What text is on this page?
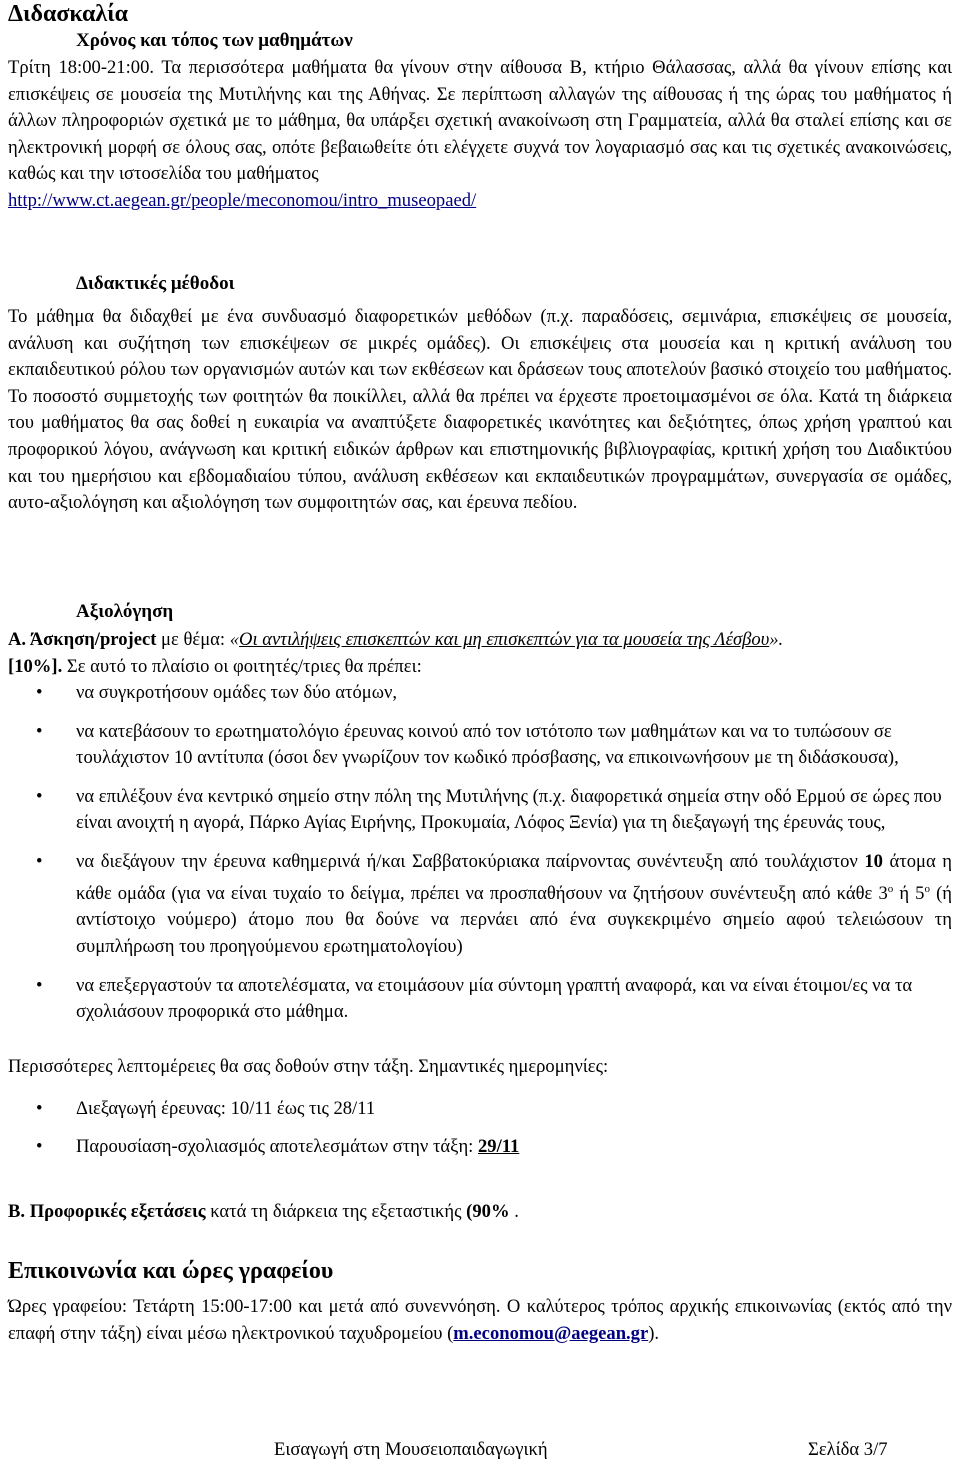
Διδασκαλία
Χρόνος και τόπος των μαθημάτων

Τρίτη 18:00-21:00. Τα περισσότερα μαθήματα θα γίνουν στην αίθουσα Β, κτήριο Θάλασσας, αλλά θα γίνουν επίσης και επισκέψεις σε μουσεία της Μυτιλήνης και της Αθήνας. Σε περίπτωση αλλαγών της αίθουσας ή της ώρας του μαθήματος ή άλλων πληροφοριών σχετικά με το μάθημα, θα υπάρξει σχετική ανακοίνωση στη Γραμματεία, αλλά θα σταλεί επίσης και σε ηλεκτρονική μορφή σε όλους σας, οπότε βεβαιωθείτε ότι ελέγχετε συχνά τον λογαριασμό σας και τις σχετικές ανακοινώσεις, καθώς και την ιστοσελίδα του μαθήματος
http://www.ct.aegean.gr/people/meconomou/intro_museopaed/

Διδακτικές μέθοδοι

Το μάθημα θα διδαχθεί με ένα συνδυασμό διαφορετικών μεθόδων (π.χ. παραδόσεις, σεμινάρια, επισκέψεις σε μουσεία, ανάλυση και συζήτηση των επισκέψεων σε μικρές ομάδες). Οι επισκέψεις στα μουσεία και η κριτική ανάλυση του εκπαιδευτικού ρόλου των οργανισμών αυτών και των εκθέσεων και δράσεων τους αποτελούν βασικό στοιχείο του μαθήματος. Το ποσοστό συμμετοχής των φοιτητών θα ποικίλλει, αλλά θα πρέπει να έρχεστε προετοιμασμένοι σε όλα. Κατά τη διάρκεια του μαθήματος θα σας δοθεί η ευκαιρία να αναπτύξετε διαφορετικές ικανότητες και δεξιότητες, όπως χρήση γραπτού και προφορικού λόγου, ανάγνωση και κριτική ειδικών άρθρων και επιστημονικής βιβλιογραφίας, κριτική χρήση του Διαδικτύου και του ημερήσιου και εβδομαδιαίου τύπου, ανάλυση εκθέσεων και εκπαιδευτικών προγραμμάτων, συνεργασία σε ομάδες, αυτο-αξιολόγηση και αξιολόγηση των συμφοιτητών σας, και έρευνα πεδίου.

Αξιολόγηση

Α. Άσκηση/project με θέμα: «Οι αντιλήψεις επισκεπτών και μη επισκεπτών για τα μουσεία της Λέσβου».
[10%]. Σε αυτό το πλαίσιο οι φοιτητές/τριες θα πρέπει:

• να συγκροτήσουν ομάδες των δύο ατόμων,
• να κατεβάσουν το ερωτηματολόγιο έρευνας κοινού από τον ιστότοπο των μαθημάτων και να το τυπώσουν σε τουλάχιστον 10 αντίτυπα (όσοι δεν γνωρίζουν τον κωδικό πρόσβασης, να επικοινωνήσουν με τη διδάσκουσα),
• να επιλέξουν ένα κεντρικό σημείο στην πόλη της Μυτιλήνης (π.χ. διαφορετικά σημεία στην οδό Ερμού σε ώρες που είναι ανοιχτή η αγορά, Πάρκο Αγίας Ειρήνης, Προκυμαία, Λόφος Ξενία) για τη διεξαγωγή της έρευνάς τους,
• να διεξάγουν την έρευνα καθημερινά ή/και Σαββατοκύριακα παίρνοντας συνέντευξη από τουλάχιστον 10 άτομα η κάθε ομάδα (για να είναι τυχαίο το δείγμα, πρέπει να προσπαθήσουν να ζητήσουν συνέντευξη από κάθε $3^o$ ή $5^o$ (ή αντίστοιχο νούμερο) άτομο που θα δούνε να περνάει από ένα συγκεκριμένο σημείο αφού τελειώσουν τη συμπλήρωση του προηγούμενου ερωτηματολογίου)
• να επεξεργαστούν τα αποτελέσματα, να ετοιμάσουν μία σύντομη γραπτή αναφορά, και να είναι έτοιμοι/ες να τα σχολιάσουν προφορικά στο μάθημα.

Περισσότερες λεπτομέρειες θα σας δοθούν στην τάξη. Σημαντικές ημερομηνίες:

• Διεξαγωγή έρευνας: 10/11 έως τις 28/11
• Παρουσίαση-σχολιασμός αποτελεσμάτων στην τάξη: 29/11

Β. Προφορικές εξετάσεις κατά τη διάρκεια της εξεταστικής (90% .

Επικοινωνία και ώρες γραφείου

Ώρες γραφείου: Τετάρτη 15:00-17:00 και μετά από συνεννόηση. Ο καλύτερος τρόπος αρχικής επικοινωνίας (εκτός από την επαφή στην τάξη) είναι μέσω ηλεκτρονικού ταχυδρομείου (m.economou@aegean.gr).

Εισαγωγή στη Μουσειοπαιδαγωγική	Σελίδα 3/7
